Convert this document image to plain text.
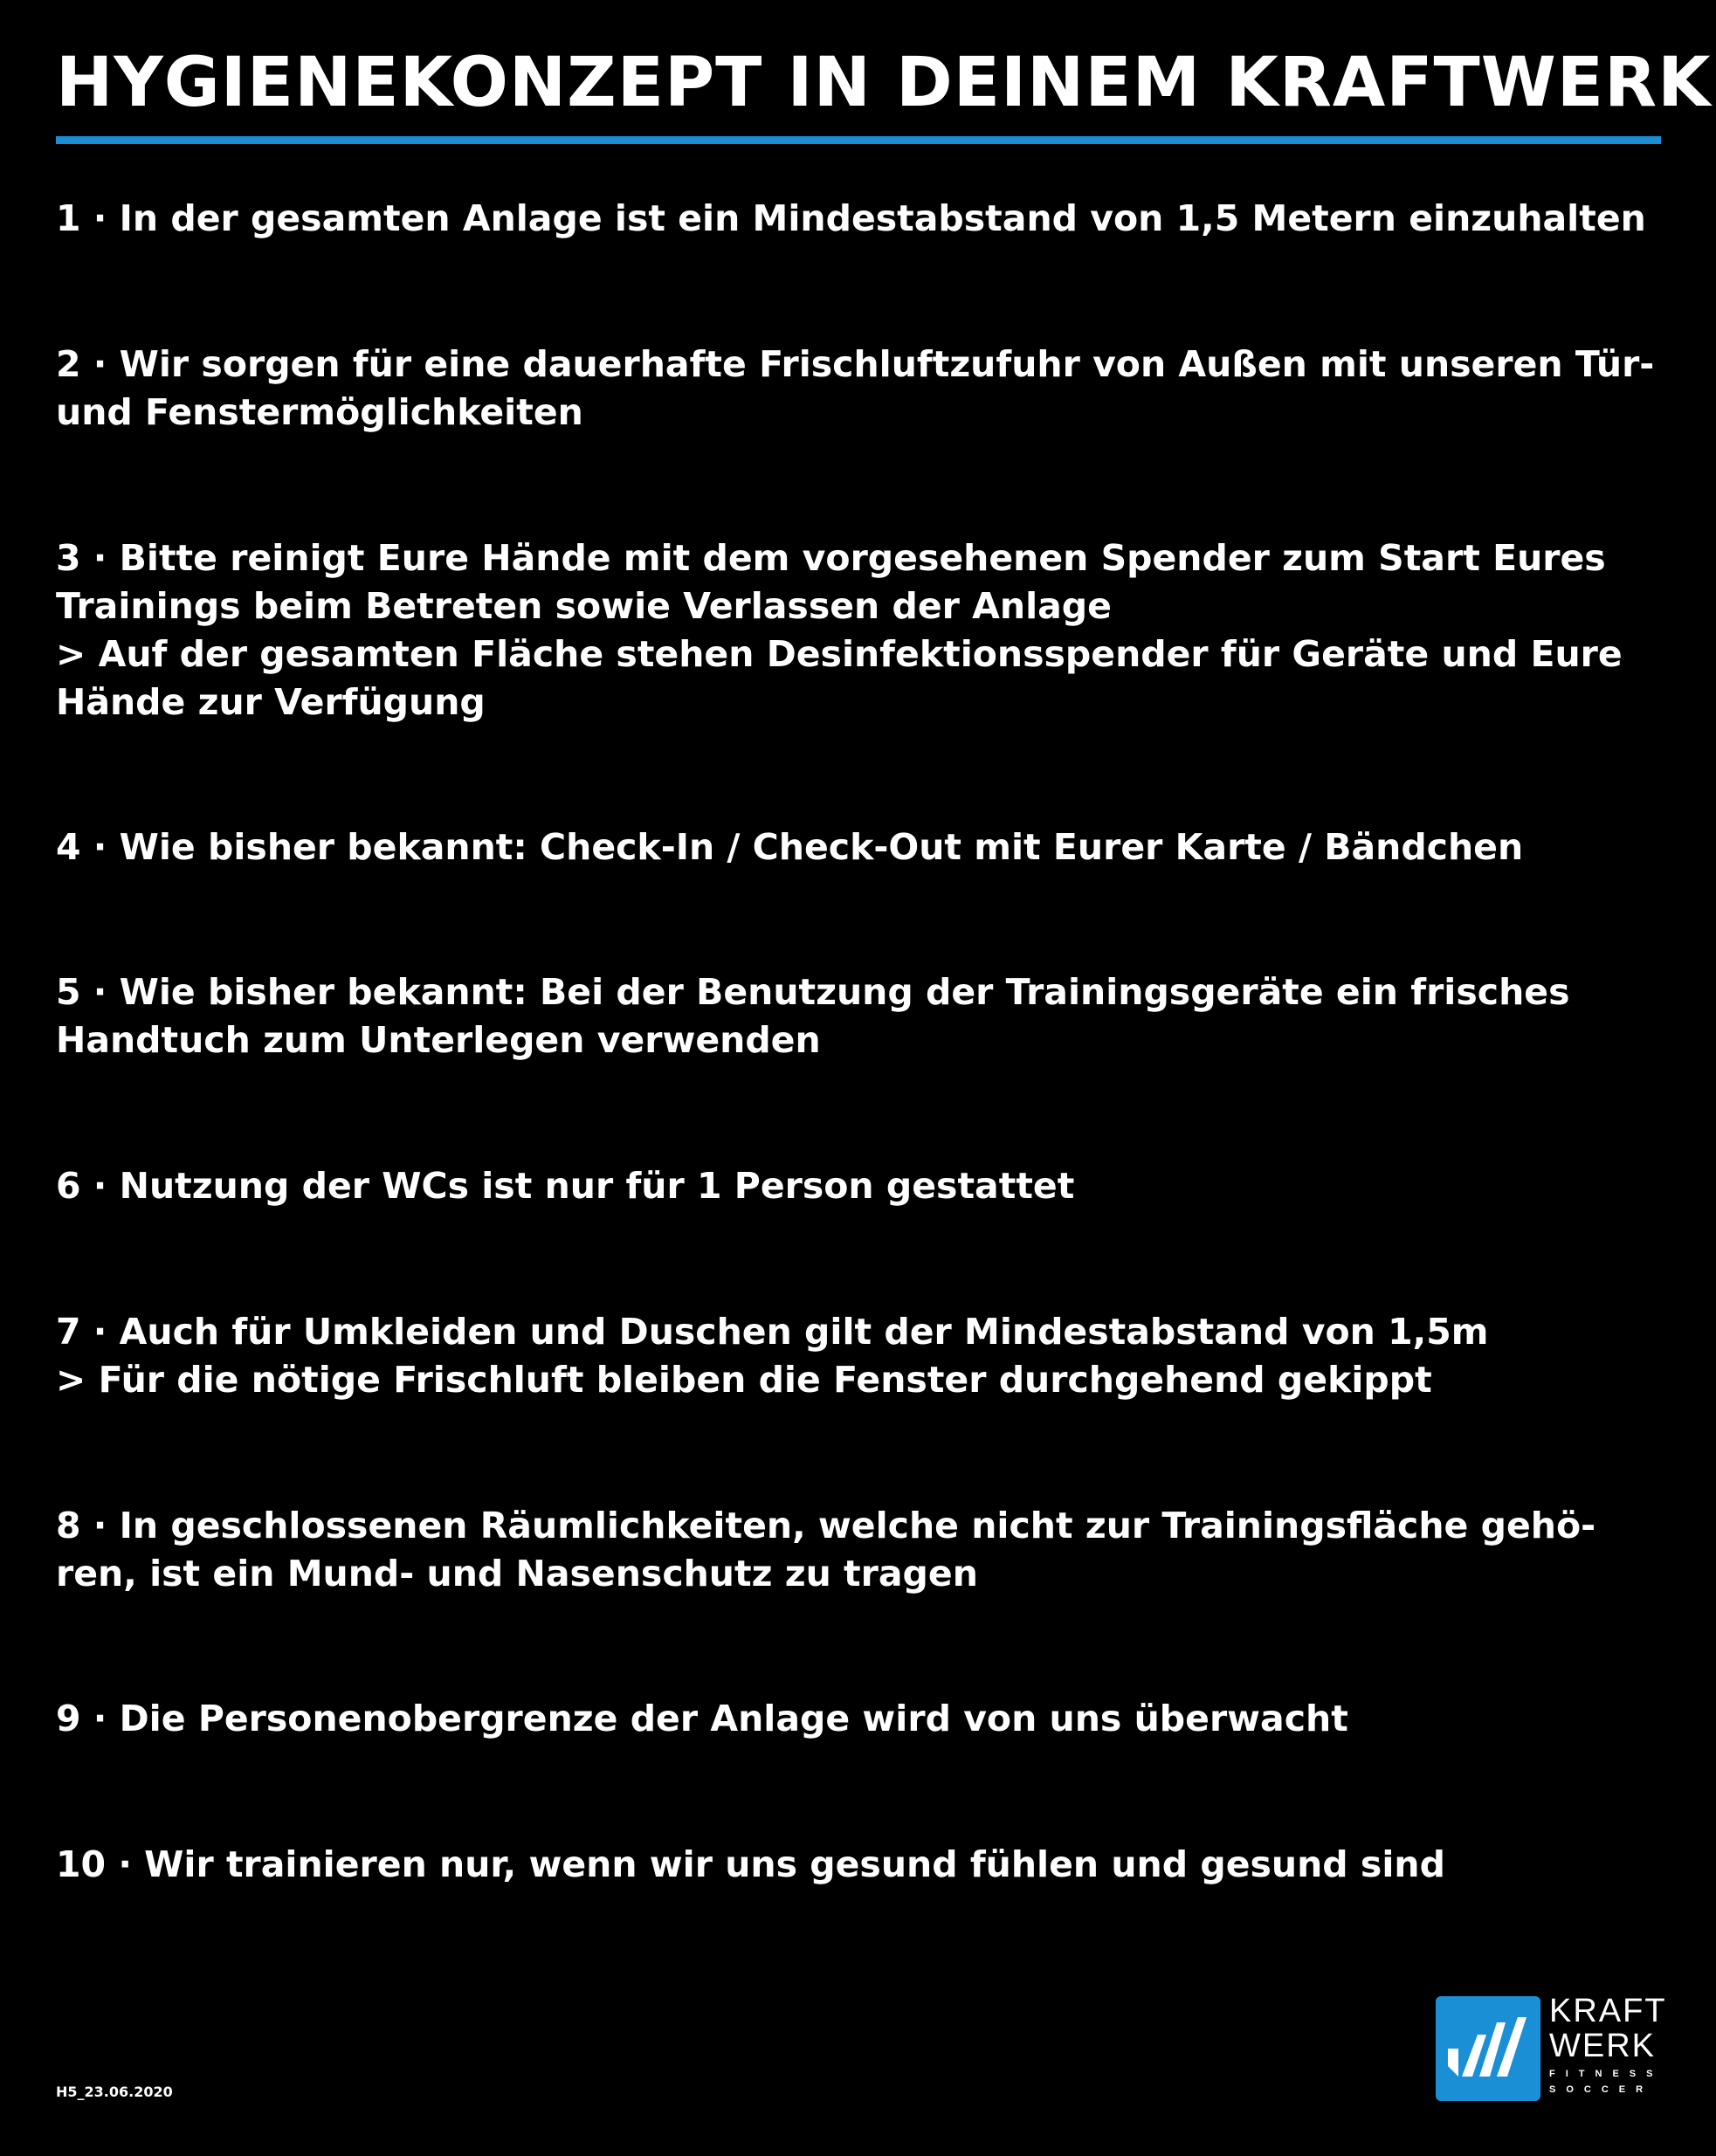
HYGIENEKONZEPT IN DEINEM KRAFTWERK
1 · In der gesamten Anlage ist ein Mindestabstand von 1,5 Metern einzuhalten
2 · Wir sorgen für eine dauerhafte Frischluftzufuhr von Außen mit unseren Tür-
und Fenstermöglichkeiten
3 · Bitte reinigt Eure Hände mit dem vorgesehenen Spender zum Start Eures
Trainings beim Betreten sowie Verlassen der Anlage
> Auf der gesamten Fläche stehen Desinfektionsspender für Geräte und Eure
Hände zur Verfügung
4 · Wie bisher bekannt: Check-In / Check-Out mit Eurer Karte / Bändchen
5 · Wie bisher bekannt: Bei der Benutzung der Trainingsgeräte ein frisches
Handtuch zum Unterlegen verwenden
6 · Nutzung der WCs ist nur für 1 Person gestattet
7 · Auch für Umkleiden und Duschen gilt der Mindestabstand von 1,5m
> Für die nötige Frischluft bleiben die Fenster durchgehend gekippt
8 · In geschlossenen Räumlichkeiten, welche nicht zur Trainingsfläche gehö-
ren, ist ein Mund- und Nasenschutz zu tragen
9 · Die Personenobergrenze der Anlage wird von uns überwacht
10 · Wir trainieren nur, wenn wir uns gesund fühlen und gesund sind
H5_23.06.2020
KRAFT
WERK
FITNESS
SOCCER
